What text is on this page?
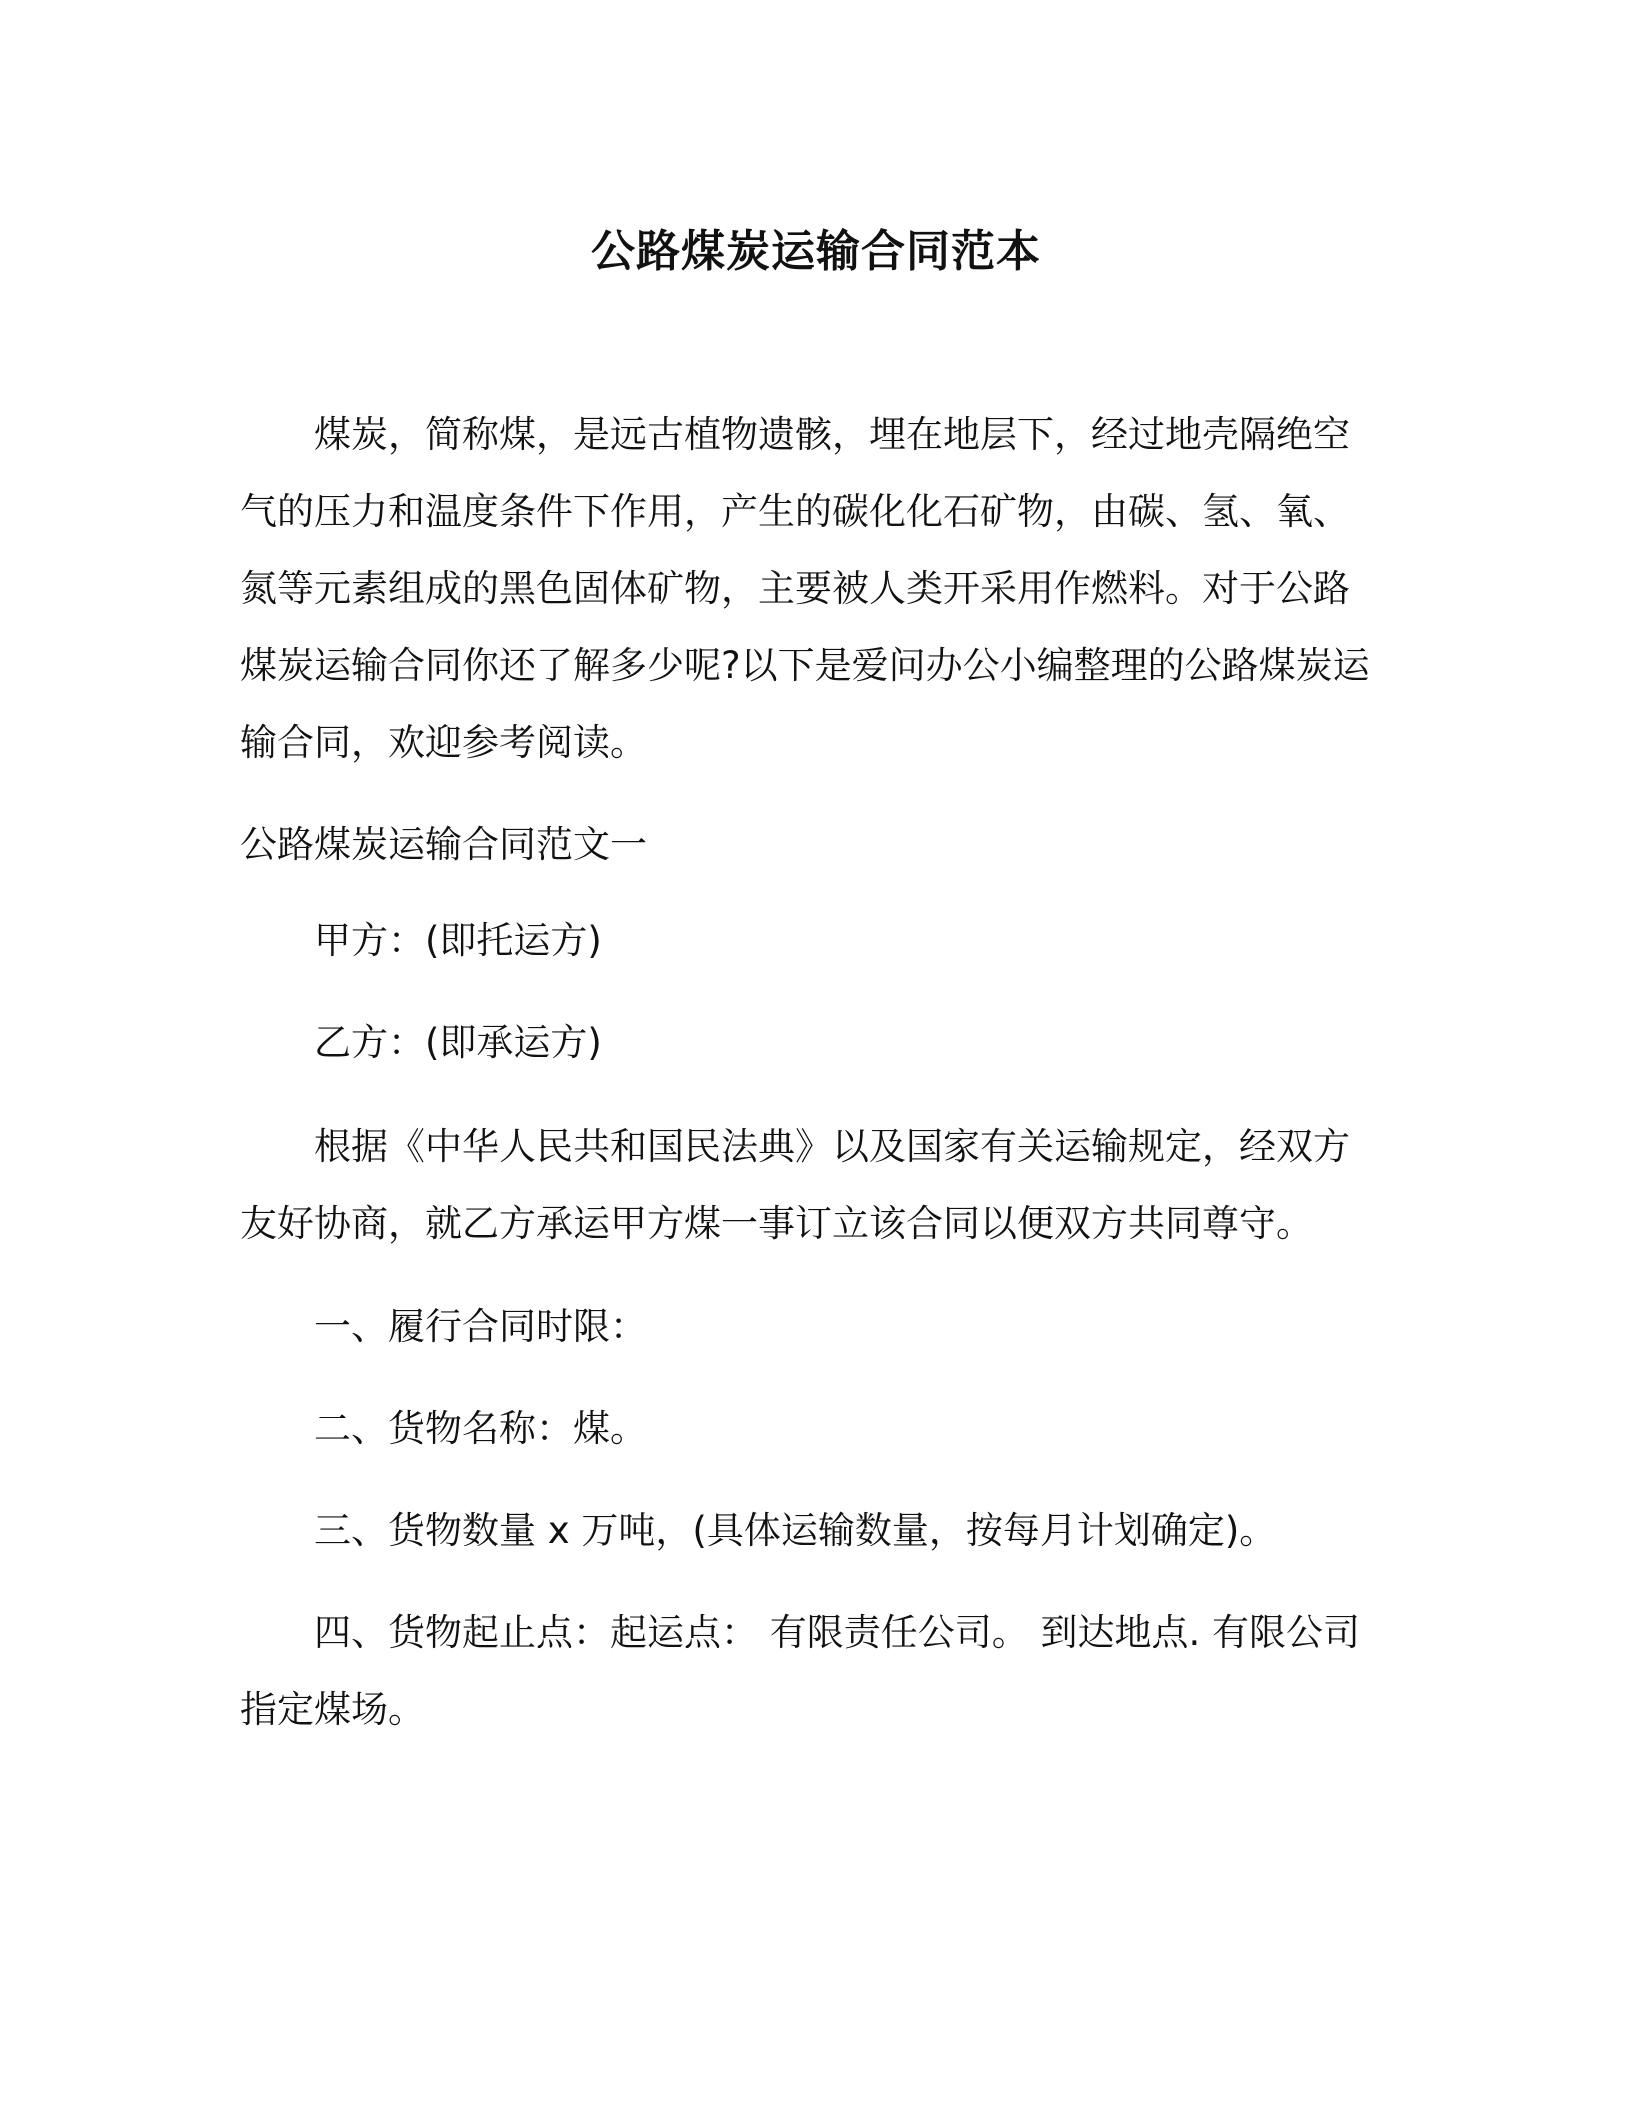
公路煤炭运输合同范本

煤炭，简称煤，是远古植物遗骸，埋在地层下，经过地壳隔绝空
气的压力和温度条件下作用，产生的碳化化石矿物，由碳、氢、氧、
氮等元素组成的黑色固体矿物，主要被人类开采用作燃料。对于公路
煤炭运输合同你还了解多少呢?以下是爱问办公小编整理的公路煤炭运
输合同，欢迎参考阅读。

公路煤炭运输合同范文一

甲方：(即托运方)

乙方：(即承运方)

根据《中华人民共和国民法典》以及国家有关运输规定，经双方
友好协商，就乙方承运甲方煤一事订立该合同以便双方共同尊守。

一、履行合同时限：

二、货物名称：煤。

三、货物数量 x 万吨，(具体运输数量，按每月计划确定)。

四、货物起止点：起运点： 有限责任公司。 到达地点. 有限公司
指定煤场。
